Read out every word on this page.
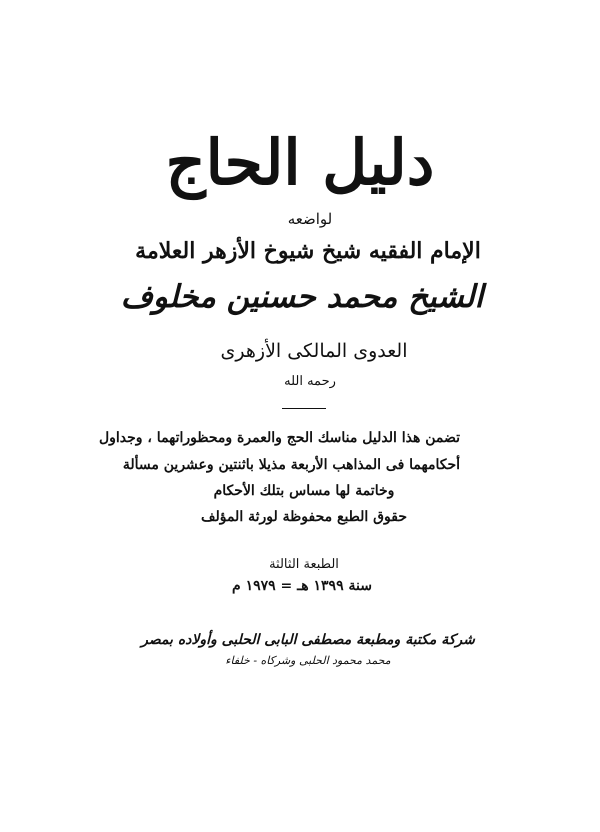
دليل الحاج
لواضعه
الإمام الفقيه شيخ شيوخ الأزهر العلامة
الشيخ محمد حسنين مخلوف
العدوى المالكى الأزهرى
رحمه الله
تضمن هذا الدليل مناسك الحج والعمرة ومحظوراتهما ، وجداول
أحكامهما فى المذاهب الأربعة مذيلا باثنتين وعشرين مسألة
وخاتمة لها مساس بتلك الأحكام
حقوق الطبع محفوظة لورثة المؤلف
الطبعة الثالثة
سنة ١٣٩٩ هـ = ١٩٧٩ م
شركة مكتبة ومطبعة مصطفى البابى الحلبى وأولاده بمصر
محمد محمود الحلبى وشركاه - خلفاء
